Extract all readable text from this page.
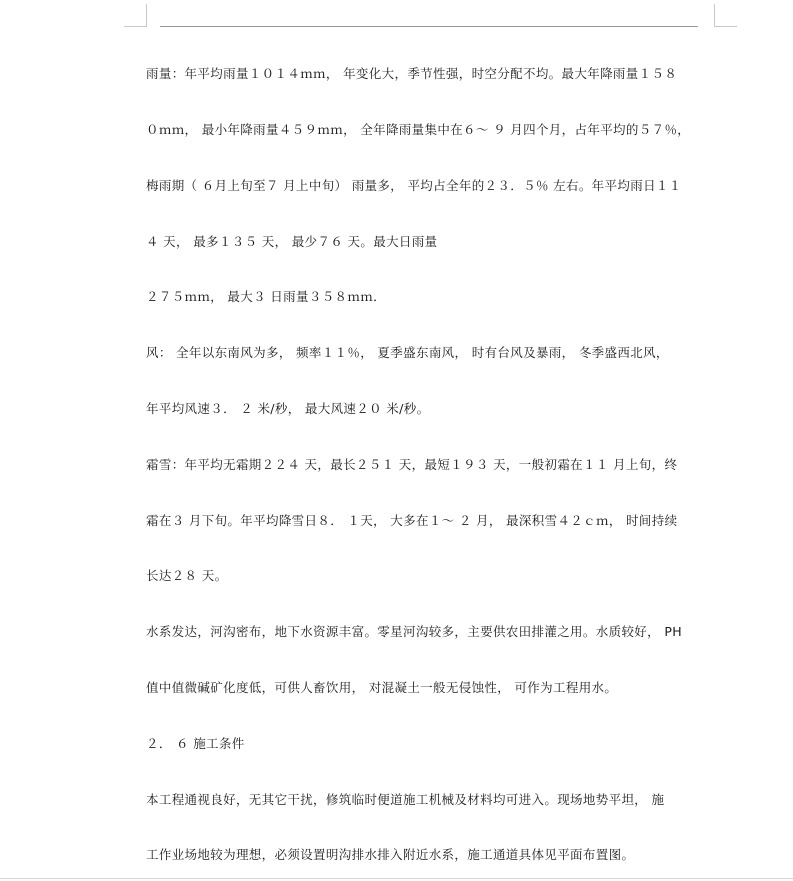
雨量：年平均雨量１０１４ｍｍ， 年变化大，季节性强，时空分配不均。最大年降雨量１５８
０ｍｍ， 最小年降雨量４５９ｍｍ， 全年降雨量集中在６～ ９ 月四个月，占年平均的５７％，
梅雨期（ ６月上旬至７ 月上中旬） 雨量多， 平均占全年的２３．５％ 左右。年平均雨日１１
４ 天， 最多１３５ 天， 最少７６ 天。最大日雨量
２７５ｍｍ， 最大３ 日雨量３５８ｍｍ．
风： 全年以东南风为多， 频率１１％， 夏季盛东南风， 时有台风及暴雨， 冬季盛西北风，
年平均风速３． ２ 米/秒， 最大风速２０ 米/秒。
霜雪：年平均无霜期２２４ 天，最长２５１ 天，最短１９３ 天，一般初霜在１１ 月上旬，终
霜在３ 月下旬。年平均降雪日８． １天， 大多在１～ ２ 月， 最深积雪４２ｃｍ， 时间持续
长达２８ 天。
水系发达，河沟密布，地下水资源丰富。零星河沟较多，主要供农田排灌之用。水质较好， PH
值中值微碱矿化度低，可供人畜饮用， 对混凝土一般无侵蚀性， 可作为工程用水。
２． ６ 施工条件
本工程通视良好，无其它干扰，修筑临时便道施工机械及材料均可进入。现场地势平坦， 施
工作业场地较为理想，必须设置明沟排水排入附近水系，施工通道具体见平面布置图。
